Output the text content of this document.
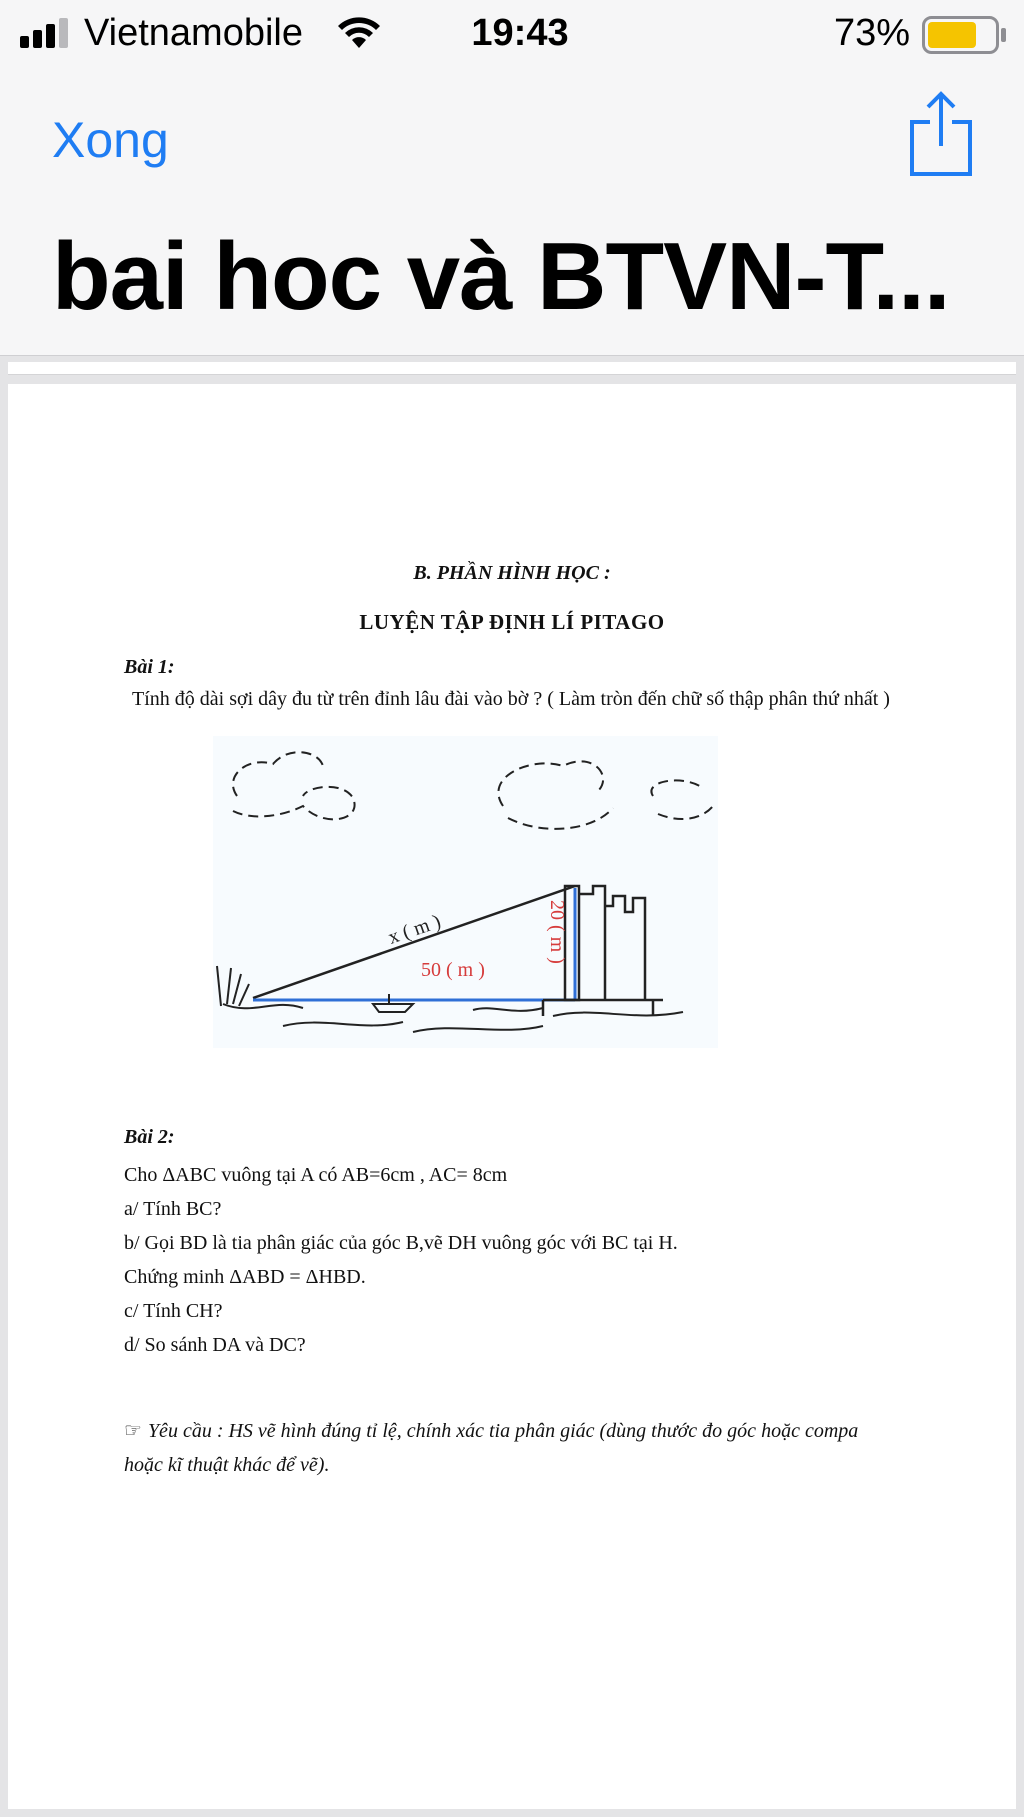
Vietnamobile	19:43	73%
Xong
bai hoc và BTVN-T...
B. PHẦN HÌNH HỌC :
LUYỆN TẬP ĐỊNH LÍ PITAGO
Bài 1:
Tính độ dài sợi dây đu từ trên đỉnh lâu đài vào bờ ? ( Làm tròn đến chữ số thập phân thứ nhất )
x ( m )
50 ( m )
20 ( m )
Bài 2:
Cho ΔABC vuông tại A có AB=6cm , AC= 8cm
a/ Tính BC?
b/ Gọi BD là tia phân giác của góc B,vẽ DH vuông góc với BC tại H.
Chứng minh ΔABD = ΔHBD.
c/ Tính CH?
d/ So sánh DA và DC?
☞ Yêu cầu : HS vẽ hình đúng tỉ lệ, chính xác tia phân giác (dùng thước đo góc hoặc compa hoặc kĩ thuật khác để vẽ).
